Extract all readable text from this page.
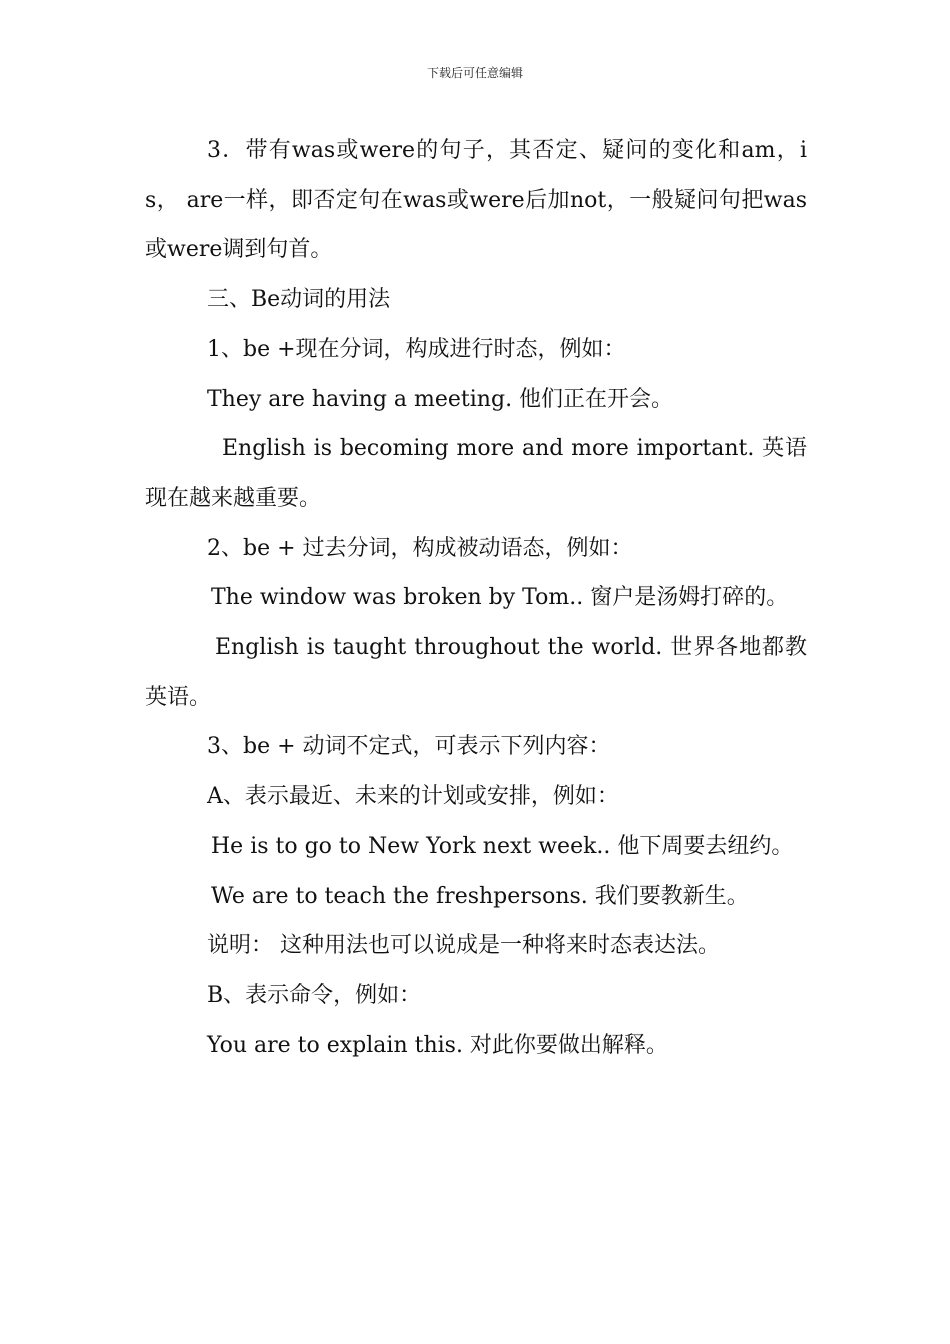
下载后可任意编辑

3．带有was或were的句子，其否定、疑问的变化和am，is， are一样，即否定句在was或were后加not，一般疑问句把was或were调到句首。

三、Be动词的用法

1、be +现在分词，构成进行时态，例如：

They are having a meeting. 他们正在开会。

English is becoming more and more important. 英语现在越来越重要。

2、be + 过去分词，构成被动语态，例如：

The window was broken by Tom.. 窗户是汤姆打碎的。

English is taught throughout the world. 世界各地都教英语。

3、be + 动词不定式，可表示下列内容：

A、表示最近、未来的计划或安排，例如：

He is to go to New York next week.. 他下周要去纽约。

We are to teach the freshpersons. 我们要教新生。

说明： 这种用法也可以说成是一种将来时态表达法。

B、表示命令，例如：

You are to explain this. 对此你要做出解释。
